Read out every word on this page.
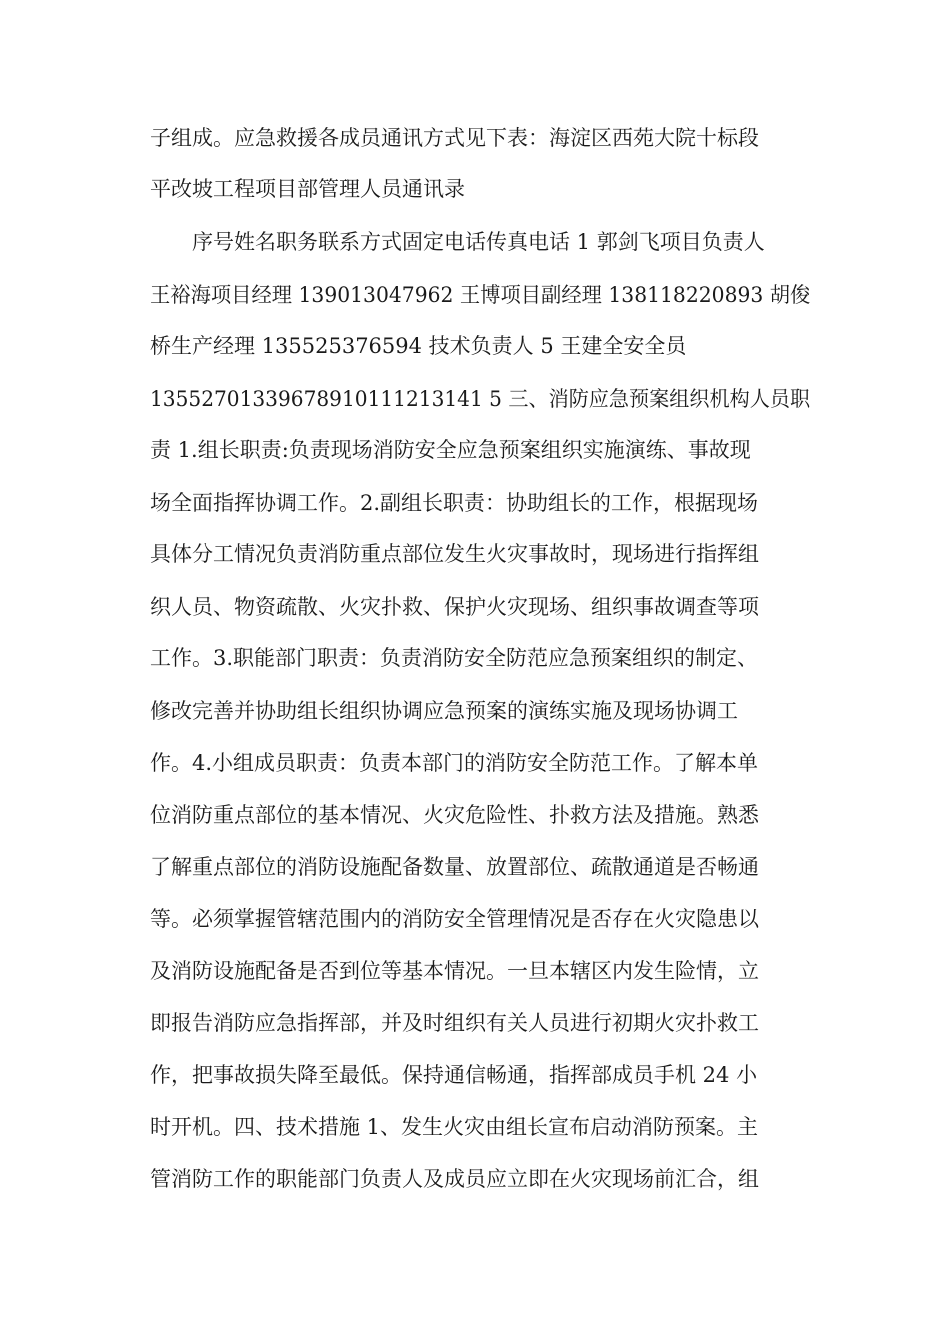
子组成。应急救援各成员通讯方式见下表：海淀区西苑大院十标段
平改坡工程项目部管理人员通讯录
序号姓名职务联系方式固定电话传真电话 1 郭剑飞项目负责人
王裕海项目经理 139013047962 王博项目副经理 138118220893 胡俊
桥生产经理 135525376594 技术负责人 5 王建全安全员
13552701339678910111213141 5 三、消防应急预案组织机构人员职
责 1.组长职责:负责现场消防安全应急预案组织实施演练、事故现
场全面指挥协调工作。2.副组长职责：协助组长的工作，根据现场
具体分工情况负责消防重点部位发生火灾事故时，现场进行指挥组
织人员、物资疏散、火灾扑救、保护火灾现场、组织事故调查等项
工作。3.职能部门职责：负责消防安全防范应急预案组织的制定、
修改完善并协助组长组织协调应急预案的演练实施及现场协调工
作。4.小组成员职责：负责本部门的消防安全防范工作。了解本单
位消防重点部位的基本情况、火灾危险性、扑救方法及措施。熟悉
了解重点部位的消防设施配备数量、放置部位、疏散通道是否畅通
等。必须掌握管辖范围内的消防安全管理情况是否存在火灾隐患以
及消防设施配备是否到位等基本情况。一旦本辖区内发生险情，立
即报告消防应急指挥部，并及时组织有关人员进行初期火灾扑救工
作，把事故损失降至最低。保持通信畅通，指挥部成员手机 24 小
时开机。四、技术措施 1、发生火灾由组长宣布启动消防预案。主
管消防工作的职能部门负责人及成员应立即在火灾现场前汇合，组
